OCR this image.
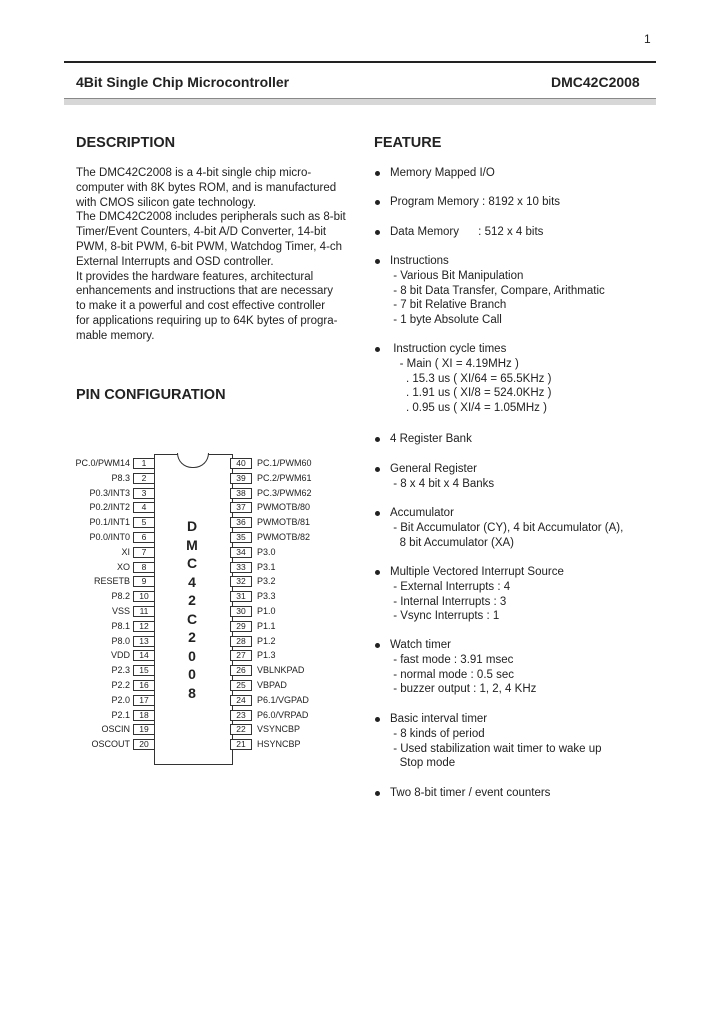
1
4Bit Single Chip Microcontroller	DMC42C2008
DESCRIPTION
The DMC42C2008 is a 4-bit single chip micro-
computer with 8K bytes ROM, and is manufactured
with CMOS silicon gate technology.
The DMC42C2008 includes peripherals such as 8-bit
Timer/Event Counters, 4-bit A/D Converter, 14-bit
PWM, 8-bit PWM, 6-bit PWM, Watchdog Timer, 4-ch
External Interrupts and OSD controller.
It provides the hardware features, architectural
enhancements and instructions that are necessary
to make it a powerful and cost effective controller
for applications requiring up to 64K bytes of progra-
mable memory.
PIN CONFIGURATION
D
M
C
4
2
C
2
0
0
8
PC.0/PWM14	1
P8.3	2
P0.3/INT3	3
P0.2/INT2	4
P0.1/INT1	5
P0.0/INT0	6
XI	7
XO	8
RESETB	9
P8.2	10
VSS	11
P8.1	12
P8.0	13
VDD	14
P2.3	15
P2.2	16
P2.0	17
P2.1	18
OSCIN	19
OSCOUT	20
40	PC.1/PWM60
39	PC.2/PWM61
38	PC.3/PWM62
37	PWMOTB/80
36	PWMOTB/81
35	PWMOTB/82
34	P3.0
33	P3.1
32	P3.2
31	P3.3
30	P1.0
29	P1.1
28	P1.2
27	P1.3
26	VBLNKPAD
25	VBPAD
24	P6.1/VGPAD
23	P6.0/VRPAD
22	VSYNCBP
21	HSYNCBP
FEATURE
Memory Mapped I/O
Program Memory : 8192 x 10 bits
Data Memory      : 512 x 4 bits
Instructions
- Various Bit Manipulation
- 8 bit Data Transfer, Compare, Arithmatic
- 7 bit Relative Branch
- 1 byte Absolute Call
Instruction cycle times
- Main ( XI = 4.19MHz )
. 15.3 us ( XI/64 = 65.5KHz )
. 1.91 us ( XI/8 = 524.0KHz )
. 0.95 us ( XI/4 = 1.05MHz )
4 Register Bank
General Register
- 8 x 4 bit x 4 Banks
Accumulator
- Bit Accumulator (CY), 4 bit Accumulator (A),
8 bit Accumulator (XA)
Multiple Vectored Interrupt Source
- External Interrupts : 4
- Internal Interrupts : 3
- Vsync Interrupts : 1
Watch timer
- fast mode : 3.91 msec
- normal mode : 0.5 sec
- buzzer output : 1, 2, 4 KHz
Basic interval timer
- 8 kinds of period
- Used stabilization wait timer to wake up
Stop mode
Two 8-bit timer / event counters
